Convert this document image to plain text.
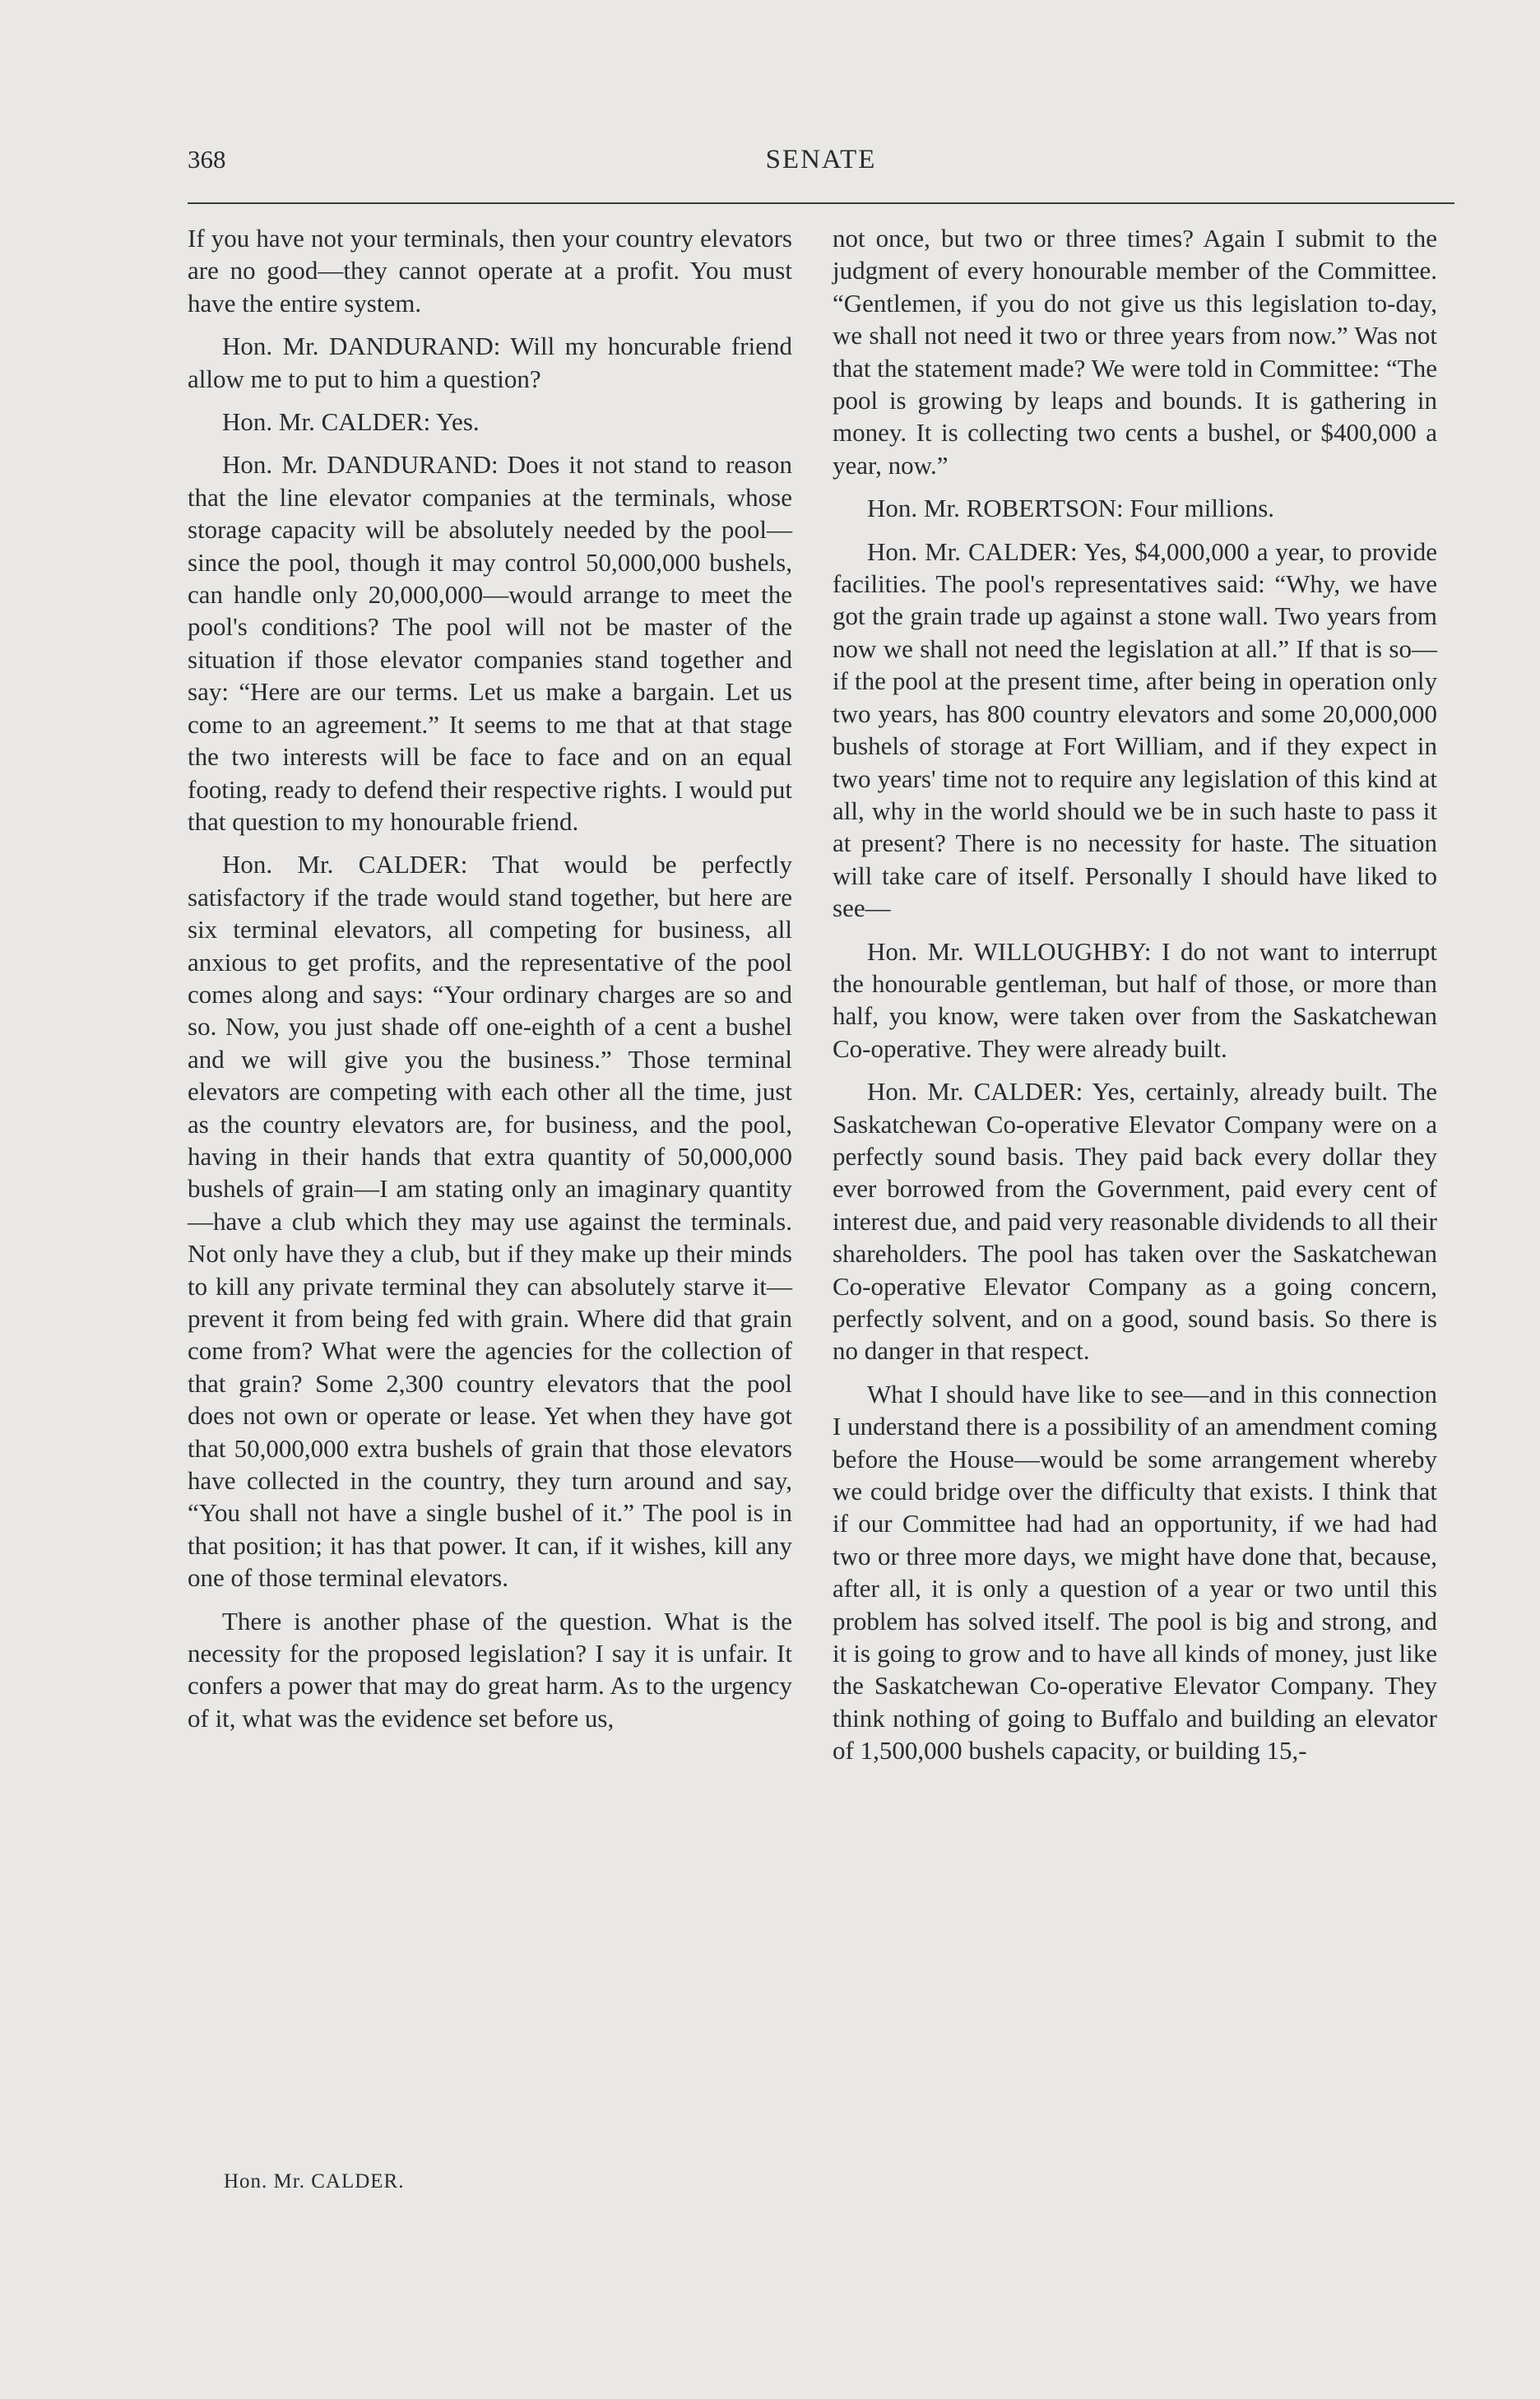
368	SENATE

If you have not your terminals, then your country elevators are no good—they cannot operate at a profit. You must have the entire system.

Hon. Mr. DANDURAND: Will my honcurable friend allow me to put to him a question?

Hon. Mr. CALDER: Yes.

Hon. Mr. DANDURAND: Does it not stand to reason that the line elevator companies at the terminals, whose storage capacity will be absolutely needed by the pool—since the pool, though it may control 50,000,000 bushels, can handle only 20,000,000—would arrange to meet the pool's conditions? The pool will not be master of the situation if those elevator companies stand together and say: “Here are our terms. Let us make a bargain. Let us come to an agreement.” It seems to me that at that stage the two interests will be face to face and on an equal footing, ready to defend their respective rights. I would put that question to my honourable friend.

Hon. Mr. CALDER: That would be perfectly satisfactory if the trade would stand together, but here are six terminal elevators, all competing for business, all anxious to get profits, and the representative of the pool comes along and says: “Your ordinary charges are so and so. Now, you just shade off one-eighth of a cent a bushel and we will give you the business.” Those terminal elevators are competing with each other all the time, just as the country elevators are, for business, and the pool, having in their hands that extra quantity of 50,000,000 bushels of grain—I am stating only an imaginary quantity—have a club which they may use against the terminals. Not only have they a club, but if they make up their minds to kill any private terminal they can absolutely starve it—prevent it from being fed with grain. Where did that grain come from? What were the agencies for the collection of that grain? Some 2,300 country elevators that the pool does not own or operate or lease. Yet when they have got that 50,000,000 extra bushels of grain that those elevators have collected in the country, they turn around and say, “You shall not have a single bushel of it.” The pool is in that position; it has that power. It can, if it wishes, kill any one of those terminal elevators.

There is another phase of the question. What is the necessity for the proposed legislation? I say it is unfair. It confers a power that may do great harm. As to the urgency of it, what was the evidence set before us,

not once, but two or three times? Again I submit to the judgment of every honourable member of the Committee. “Gentlemen, if you do not give us this legislation to-day, we shall not need it two or three years from now.” Was not that the statement made? We were told in Committee: “The pool is growing by leaps and bounds. It is gathering in money. It is collecting two cents a bushel, or $400,000 a year, now.”

Hon. Mr. ROBERTSON: Four millions.

Hon. Mr. CALDER: Yes, $4,000,000 a year, to provide facilities. The pool's representatives said: “Why, we have got the grain trade up against a stone wall. Two years from now we shall not need the legislation at all.” If that is so—if the pool at the present time, after being in operation only two years, has 800 country elevators and some 20,000,000 bushels of storage at Fort William, and if they expect in two years' time not to require any legislation of this kind at all, why in the world should we be in such haste to pass it at present? There is no necessity for haste. The situation will take care of itself. Personally I should have liked to see—

Hon. Mr. WILLOUGHBY: I do not want to interrupt the honourable gentleman, but half of those, or more than half, you know, were taken over from the Saskatchewan Co-operative. They were already built.

Hon. Mr. CALDER: Yes, certainly, already built. The Saskatchewan Co-operative Elevator Company were on a perfectly sound basis. They paid back every dollar they ever borrowed from the Government, paid every cent of interest due, and paid very reasonable dividends to all their shareholders. The pool has taken over the Saskatchewan Co-operative Elevator Company as a going concern, perfectly solvent, and on a good, sound basis. So there is no danger in that respect.

What I should have like to see—and in this connection I understand there is a possibility of an amendment coming before the House—would be some arrangement whereby we could bridge over the difficulty that exists. I think that if our Committee had had an opportunity, if we had had two or three more days, we might have done that, because, after all, it is only a question of a year or two until this problem has solved itself. The pool is big and strong, and it is going to grow and to have all kinds of money, just like the Saskatchewan Co-operative Elevator Company. They think nothing of going to Buffalo and building an elevator of 1,500,000 bushels capacity, or building 15,-

Hon. Mr. CALDER.
